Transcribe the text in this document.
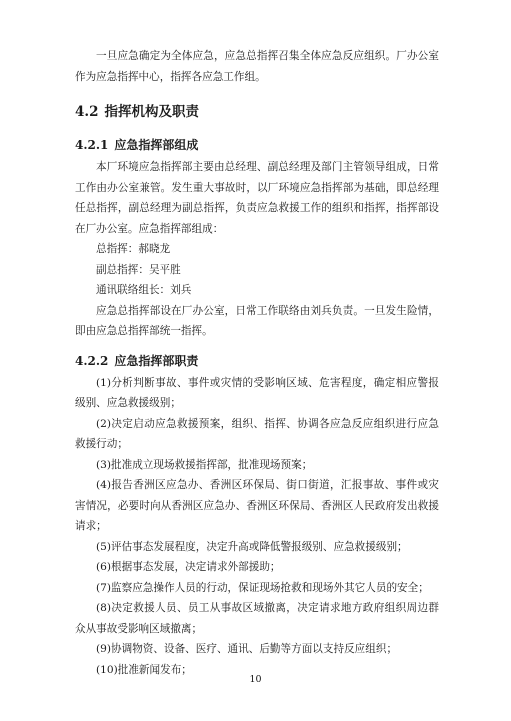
一旦应急确定为全体应急，应急总指挥召集全体应急反应组织。厂办公室作为应急指挥中心，指挥各应急工作组。

4.2 指挥机构及职责
4.2.1 应急指挥部组成

本厂环境应急指挥部主要由总经理、副总经理及部门主管领导组成，日常工作由办公室兼管。发生重大事故时，以厂环境应急指挥部为基础，即总经理任总指挥，副总经理为副总指挥，负责应急救援工作的组织和指挥，指挥部设在厂办公室。应急指挥部组成：

总指挥：郝晓龙

副总指挥：吴平胜

通讯联络组长：刘兵

应急总指挥部设在厂办公室，日常工作联络由刘兵负责。一旦发生险情，即由应急总指挥部统一指挥。

4.2.2 应急指挥部职责

(1)分析判断事故、事件或灾情的受影响区域、危害程度，确定相应警报级别、应急救援级别；

(2)决定启动应急救援预案，组织、指挥、协调各应急反应组织进行应急救援行动；

(3)批准成立现场救援指挥部，批准现场预案；

(4)报告香洲区应急办、香洲区环保局、街口街道，汇报事故、事件或灾害情况，必要时向从香洲区应急办、香洲区环保局、香洲区人民政府发出救援请求；

(5)评估事态发展程度，决定升高或降低警报级别、应急救援级别；

(6)根据事态发展，决定请求外部援助；

(7)监察应急操作人员的行动，保证现场抢救和现场外其它人员的安全；

(8)决定救援人员、员工从事故区域撤离，决定请求地方政府组织周边群众从事故受影响区域撤离；

(9)协调物资、设备、医疗、通讯、后勤等方面以支持反应组织；

(10)批准新闻发布；

10
